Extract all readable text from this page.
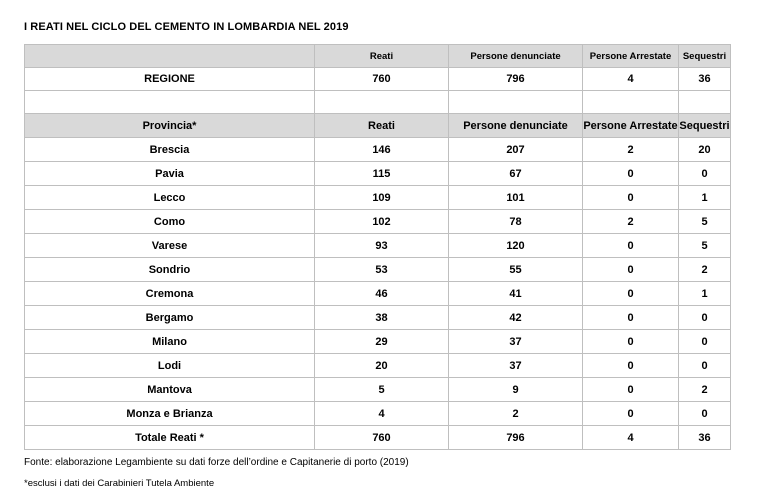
I REATI NEL CICLO DEL CEMENTO IN LOMBARDIA NEL 2019
	Reati	Persone denunciate	Persone Arrestate	Sequestri
REGIONE	760	796	4	36

Provincia*	Reati	Persone denunciate	Persone Arrestate	Sequestri
Brescia	146	207	2	20
Pavia	115	67	0	0
Lecco	109	101	0	1
Como	102	78	2	5
Varese	93	120	0	5
Sondrio	53	55	0	2
Cremona	46	41	0	1
Bergamo	38	42	0	0
Milano	29	37	0	0
Lodi	20	37	0	0
Mantova	5	9	0	2
Monza e Brianza	4	2	0	0
Totale Reati *	760	796	4	36
Fonte: elaborazione Legambiente su dati forze dell’ordine e Capitanerie di porto (2019)
*esclusi i dati dei Carabinieri Tutela Ambiente
